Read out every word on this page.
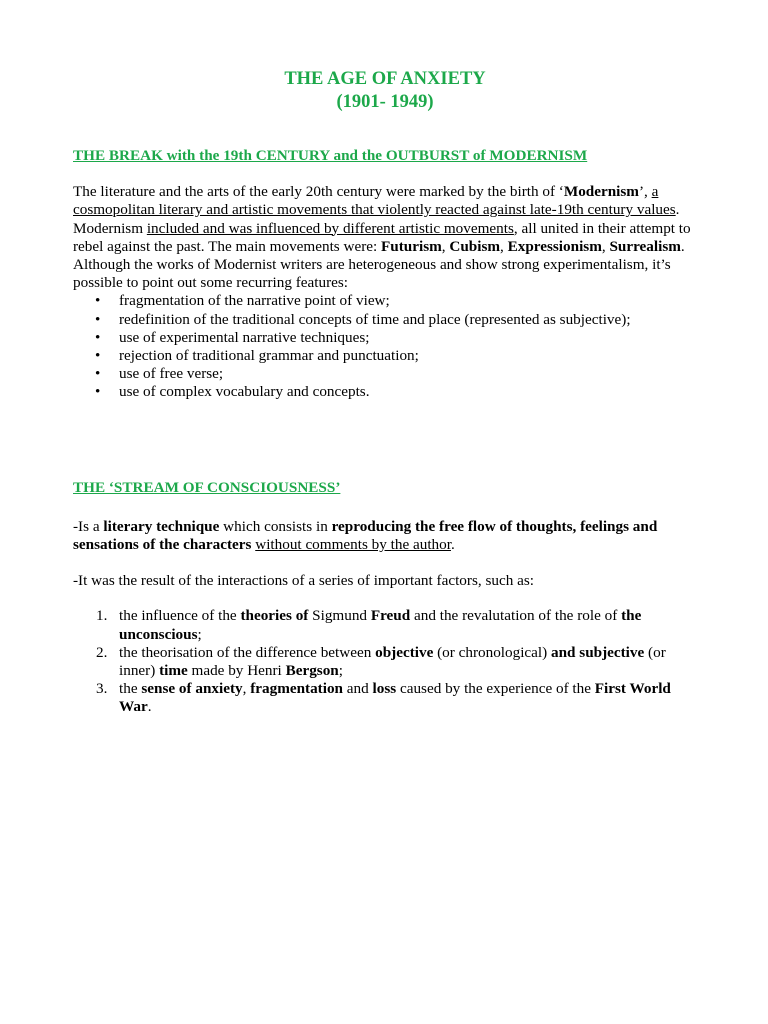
THE AGE OF ANXIETY
(1901- 1949)
THE BREAK with the 19th CENTURY and the OUTBURST of MODERNISM

The literature and the arts of the early 20th century were marked by the birth of ‘Modernism’, a cosmopolitan literary and artistic movements that violently reacted against late-19th century values. Modernism included and was influenced by different artistic movements, all united in their attempt to rebel against the past. The main movements were: Futurism, Cubism, Expressionism, Surrealism. Although the works of Modernist writers are heterogeneous and show strong experimentalism, it’s possible to point out some recurring features:

• fragmentation of the narrative point of view;
• redefinition of the traditional concepts of time and place (represented as subjective);
• use of experimental narrative techniques;
• rejection of traditional grammar and punctuation;
• use of free verse;
• use of complex vocabulary and concepts.
THE ‘STREAM OF CONSCIOUSNESS’

-Is a literary technique which consists in reproducing the free flow of thoughts, feelings and sensations of the characters without comments by the author.

-It was the result of the interactions of a series of important factors, such as:

1. the influence of the theories of Sigmund Freud and the revalutation of the role of the unconscious;
2. the theorisation of the difference between objective (or chronological) and subjective (or inner) time made by Henri Bergson;
3. the sense of anxiety, fragmentation and loss caused by the experience of the First World War.
